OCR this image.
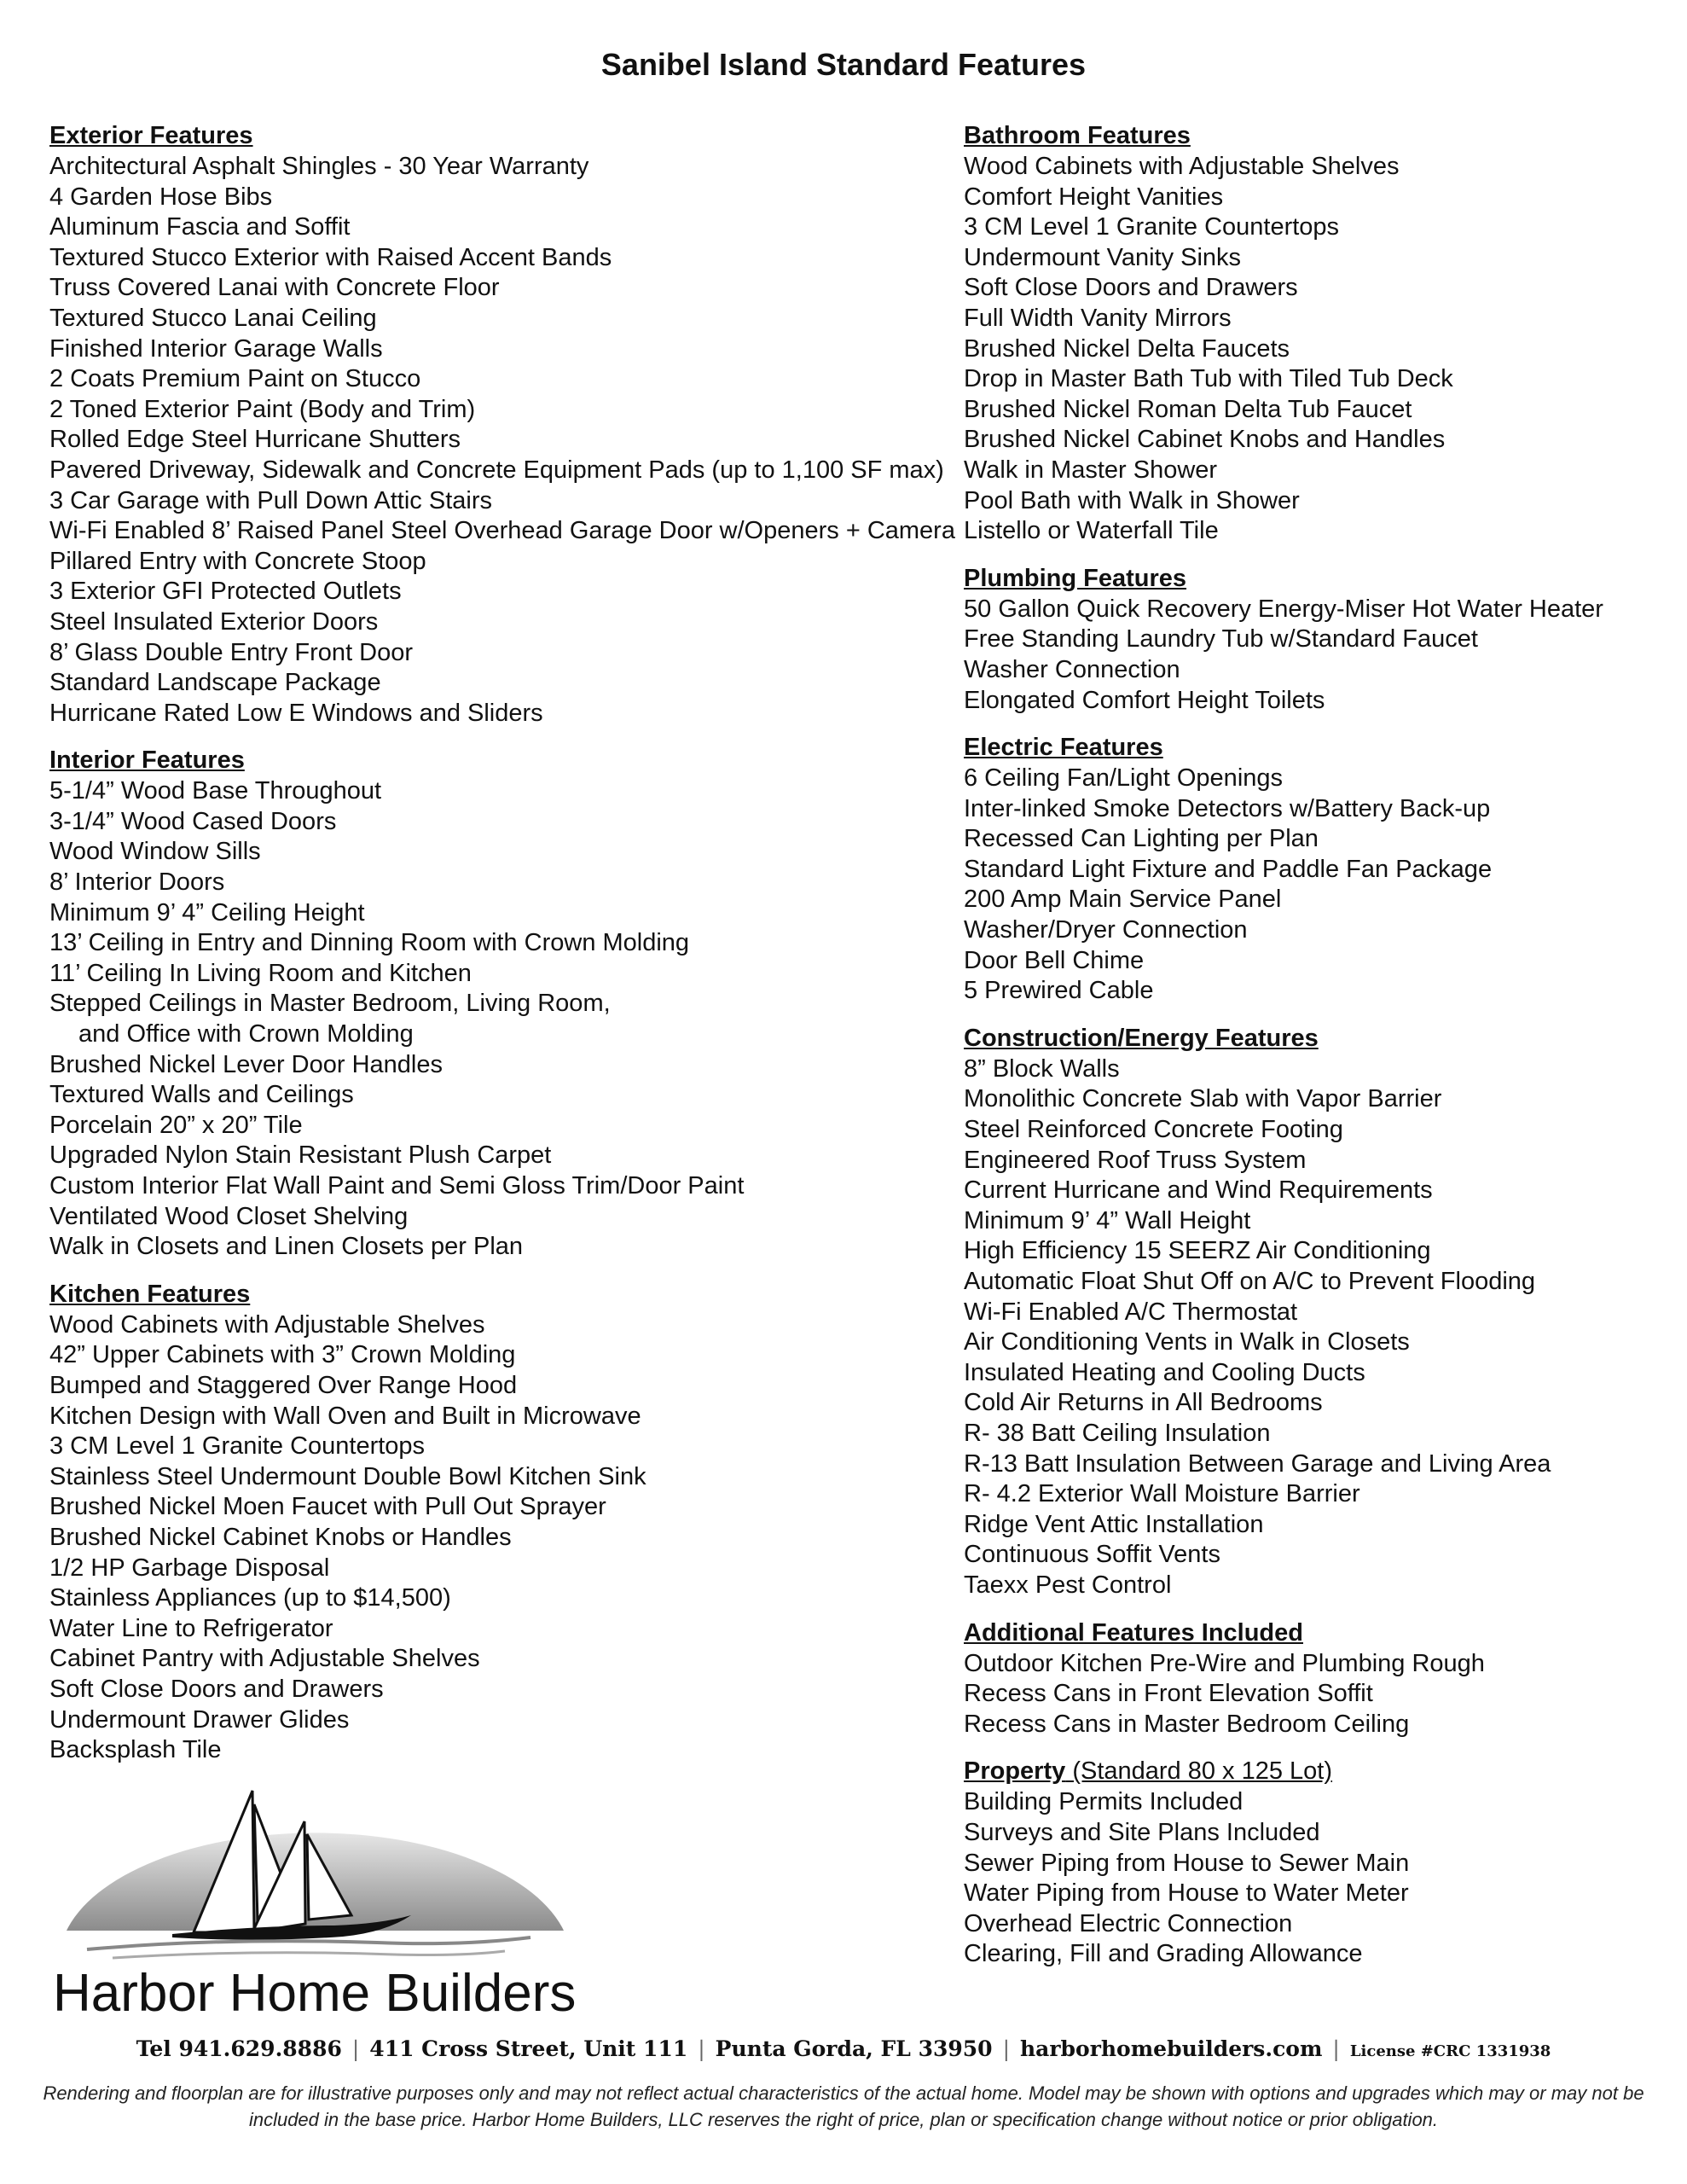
Sanibel Island Standard Features
Exterior Features
Architectural Asphalt Shingles - 30 Year Warranty
4 Garden Hose Bibs
Aluminum Fascia and Soffit
Textured Stucco Exterior with Raised Accent Bands
Truss Covered Lanai with Concrete Floor
Textured Stucco Lanai Ceiling
Finished Interior Garage Walls
2 Coats Premium Paint on Stucco
2 Toned Exterior Paint (Body and Trim)
Rolled Edge Steel Hurricane Shutters
Pavered Driveway, Sidewalk and Concrete Equipment Pads (up to 1,100 SF max)
3 Car Garage with Pull Down Attic Stairs
Wi-Fi Enabled 8’ Raised Panel Steel Overhead Garage Door w/Openers + Camera
Pillared Entry with Concrete Stoop
3 Exterior GFI Protected Outlets
Steel Insulated Exterior Doors
8’ Glass Double Entry Front Door
Standard Landscape Package
Hurricane Rated Low E Windows and Sliders
Interior Features
5-1/4” Wood Base Throughout
3-1/4” Wood Cased Doors
Wood Window Sills
8’ Interior Doors
Minimum 9’ 4” Ceiling Height
13’ Ceiling in Entry and Dinning Room with Crown Molding
11’ Ceiling In Living Room and Kitchen
Stepped Ceilings in Master Bedroom, Living Room,
and Office with Crown Molding
Brushed Nickel Lever Door Handles
Textured Walls and Ceilings
Porcelain 20” x 20” Tile
Upgraded Nylon Stain Resistant Plush Carpet
Custom Interior Flat Wall Paint and Semi Gloss Trim/Door Paint
Ventilated Wood Closet Shelving
Walk in Closets and Linen Closets per Plan
Kitchen Features
Wood Cabinets with Adjustable Shelves
42” Upper Cabinets with 3” Crown Molding
Bumped and Staggered Over Range Hood
Kitchen Design with Wall Oven and Built in Microwave
3 CM Level 1 Granite Countertops
Stainless Steel Undermount Double Bowl Kitchen Sink
Brushed Nickel Moen Faucet with Pull Out Sprayer
Brushed Nickel Cabinet Knobs or Handles
1/2 HP Garbage Disposal
Stainless Appliances (up to $14,500)
Water Line to Refrigerator
Cabinet Pantry with Adjustable Shelves
Soft Close Doors and Drawers
Undermount Drawer Glides
Backsplash Tile
Bathroom Features
Wood Cabinets with Adjustable Shelves
Comfort Height Vanities
3 CM Level 1 Granite Countertops
Undermount Vanity Sinks
Soft Close Doors and Drawers
Full Width Vanity Mirrors
Brushed Nickel Delta Faucets
Drop in Master Bath Tub with Tiled Tub Deck
Brushed Nickel Roman Delta Tub Faucet
Brushed Nickel Cabinet Knobs and Handles
Walk in Master Shower
Pool Bath with Walk in Shower
Listello or Waterfall Tile
Plumbing Features
50 Gallon Quick Recovery Energy-Miser Hot Water Heater
Free Standing Laundry Tub w/Standard Faucet
Washer Connection
Elongated Comfort Height Toilets
Electric Features
6 Ceiling Fan/Light Openings
Inter-linked Smoke Detectors w/Battery Back-up
Recessed Can Lighting per Plan
Standard Light Fixture and Paddle Fan Package
200 Amp Main Service Panel
Washer/Dryer Connection
Door Bell Chime
5 Prewired Cable
Construction/Energy Features
8” Block Walls
Monolithic Concrete Slab with Vapor Barrier
Steel Reinforced Concrete Footing
Engineered Roof Truss System
Current Hurricane and Wind Requirements
Minimum 9’ 4” Wall Height
High Efficiency 15 SEERZ Air Conditioning
Automatic Float Shut Off on A/C to Prevent Flooding
Wi-Fi Enabled A/C Thermostat
Air Conditioning Vents in Walk in Closets
Insulated Heating and Cooling Ducts
Cold Air Returns in All Bedrooms
R- 38 Batt Ceiling Insulation
R-13 Batt Insulation Between Garage and Living Area
R- 4.2 Exterior Wall Moisture Barrier
Ridge Vent Attic Installation
Continuous Soffit Vents
Taexx Pest Control
Additional Features Included
Outdoor Kitchen Pre-Wire and Plumbing Rough
Recess Cans in Front Elevation Soffit
Recess Cans in Master Bedroom Ceiling
Property (Standard 80 x 125 Lot)
Building Permits Included
Surveys and Site Plans Included
Sewer Piping from House to Sewer Main
Water Piping from House to Water Meter
Overhead Electric Connection
Clearing, Fill and Grading Allowance
Harbor Home Builders
Tel 941.629.8886 | 411 Cross Street, Unit 111 | Punta Gorda, FL 33950 | harborhomebuilders.com | License #CRC 1331938

Rendering and floorplan are for illustrative purposes only and may not reflect actual characteristics of the actual home. Model may be shown with options and upgrades which may or may not be included in the base price. Harbor Home Builders, LLC reserves the right of price, plan or specification change without notice or prior obligation.
